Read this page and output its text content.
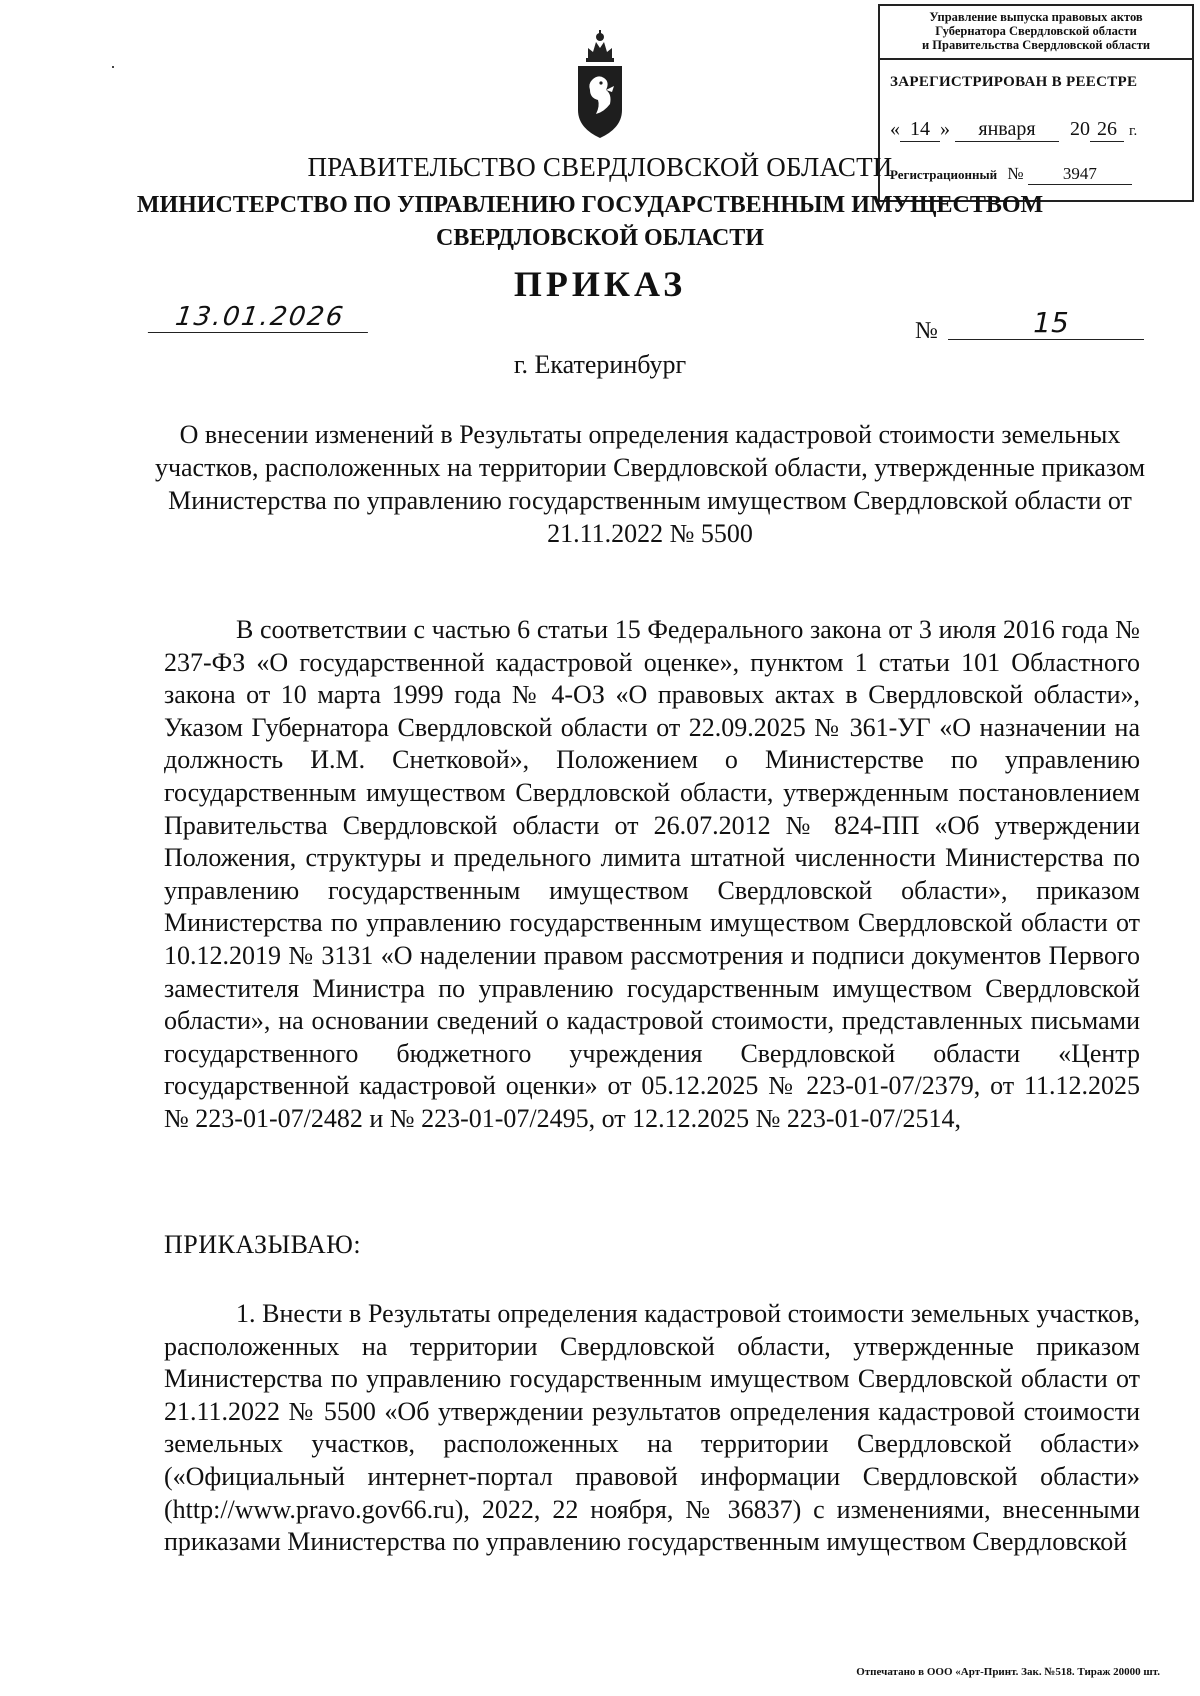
Управление выпуска правовых актов
Губернатора Свердловской области
и Правительства Свердловской области
ЗАРЕГИСТРИРОВАН В РЕЕСТРЕ
« 14 » января 20 26 г.
Регистрационный № 3947
ПРАВИТЕЛЬСТВО СВЕРДЛОВСКОЙ ОБЛАСТИ
МИНИСТЕРСТВО ПО УПРАВЛЕНИЮ ГОСУДАРСТВЕННЫМ ИМУЩЕСТВОМ
СВЕРДЛОВСКОЙ ОБЛАСТИ
ПРИКАЗ
13.01.2026	№	15
г. Екатеринбург
О внесении изменений в Результаты определения кадастровой стоимости земельных участков, расположенных на территории Свердловской области, утвержденные приказом Министерства по управлению государственным имуществом Свердловской области от 21.11.2022 № 5500
В соответствии с частью 6 статьи 15 Федерального закона от 3 июля 2016 года № 237-ФЗ «О государственной кадастровой оценке», пунктом 1 статьи 101 Областного закона от 10 марта 1999 года № 4-ОЗ «О правовых актах в Свердловской области», Указом Губернатора Свердловской области от 22.09.2025 № 361-УГ «О назначении на должность И.М. Снетковой», Положением о Министерстве по управлению государственным имуществом Свердловской области, утвержденным постановлением Правительства Свердловской области от 26.07.2012 № 824-ПП «Об утверждении Положения, структуры и предельного лимита штатной численности Министерства по управлению государственным имуществом Свердловской области», приказом Министерства по управлению государственным имуществом Свердловской области от 10.12.2019 № 3131 «О наделении правом рассмотрения и подписи документов Первого заместителя Министра по управлению государственным имуществом Свердловской области», на основании сведений о кадастровой стоимости, представленных письмами государственного бюджетного учреждения Свердловской области «Центр государственной кадастровой оценки» от 05.12.2025 № 223-01-07/2379, от 11.12.2025 № 223-01-07/2482 и № 223-01-07/2495, от 12.12.2025 № 223-01-07/2514,
ПРИКАЗЫВАЮ:
1. Внести в Результаты определения кадастровой стоимости земельных участков, расположенных на территории Свердловской области, утвержденные приказом Министерства по управлению государственным имуществом Свердловской области от 21.11.2022 № 5500 «Об утверждении результатов определения кадастровой стоимости земельных участков, расположенных на территории Свердловской области» («Официальный интернет-портал правовой информации Свердловской области» (http://www.pravo.gov66.ru), 2022, 22 ноября, № 36837) с изменениями, внесенными приказами Министерства по управлению государственным имуществом Свердловской
Отпечатано в ООО «Арт-Принт. Зак. №518. Тираж 20000 шт.
